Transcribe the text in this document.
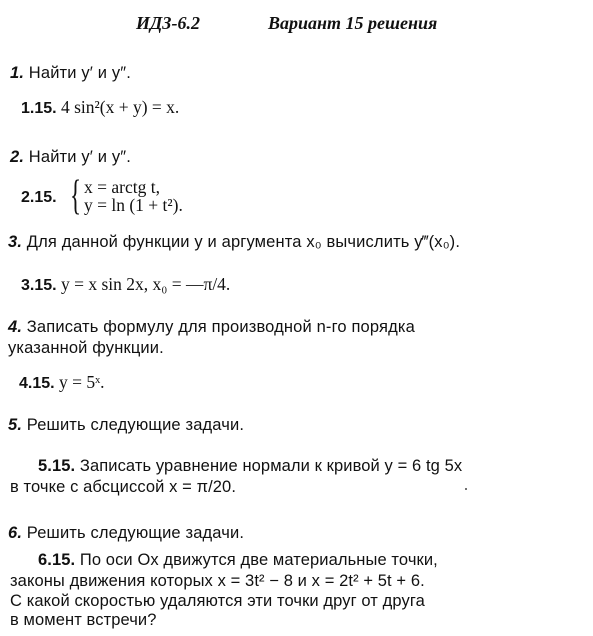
ИДЗ-6.2	Вариант 15 решения
1. Найти y′ и y″.
1.15. 4 sin²(x + y) = x.
2. Найти y′ и y″.
2.15. { x = arctg t,
y = ln (1 + t²).
3. Для данной функции y и аргумента x₀ вычислить y‴(x₀).
3.15. y = x sin 2x, x₀ = —π/4.
4. Записать формулу для производной n-го порядка
указанной функции.
4.15. y = 5ˣ.
5. Решить следующие задачи.
5.15. Записать уравнение нормали к кривой y = 6 tg 5x
в точке с абсциссой x = π/20.
6. Решить следующие задачи.
6.15. По оси Ox движутся две материальные точки,
законы движения которых x = 3t² − 8 и x = 2t² + 5t + 6.
С какой скоростью удаляются эти точки друг от друга
в момент встречи?
